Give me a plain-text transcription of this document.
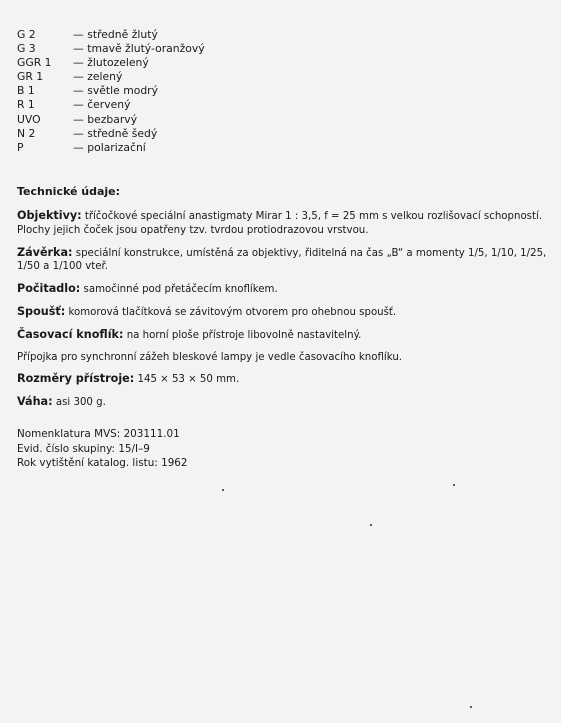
G 2	— středně žlutý
G 3	— tmavě žlutý-oranžový
GGR 1	— žlutozelený
GR 1	— zelený
B 1	— světle modrý
R 1	— červený
UVO	— bezbarvý
N 2	— středně šedý
P	— polarizační
Technické údaje:

Objektivy: tříčočkové speciální anastigmaty Mirar 1 : 3,5, f = 25 mm s velkou rozlišovací schopností. Plochy jejich čoček jsou opatřeny tzv. tvrdou protiodrazovou vrstvou.

Závěrka: speciální konstrukce, umístěná za objektivy, řiditelná na čas „B“ a momenty 1/5, 1/10, 1/25, 1/50 a 1/100 vteř.

Počitadlo: samočinné pod přetáčecím knoflíkem.

Spoušť: komorová tlačítková se závitovým otvorem pro ohebnou spoušť.

Časovací knoflík: na horní ploše přístroje libovolně nastavitelný.

Přípojka pro synchronní zážeh bleskové lampy je vedle časovacího knoflíku.

Rozměry přístroje: 145 × 53 × 50 mm.

Váha: asi 300 g.

Nomenklatura MVS: 203111.01
Evid. číslo skupiny: 15/I–9
Rok vytištění katalog. listu: 1962
